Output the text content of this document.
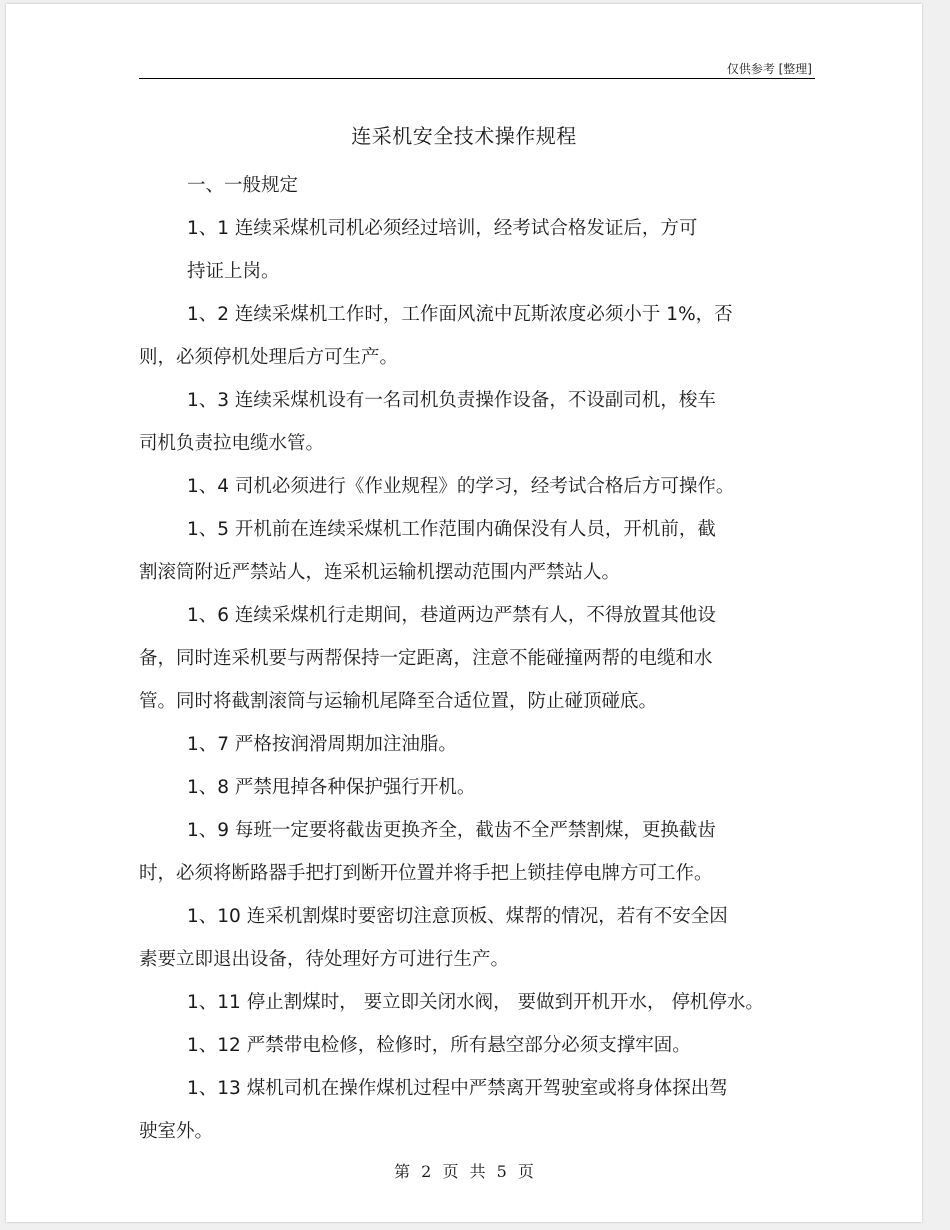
仅供参考 [整理]
连采机安全技术操作规程
一、一般规定
1、1 连续采煤机司机必须经过培训，经考试合格发证后，方可
持证上岗。
1、2 连续采煤机工作时，工作面风流中瓦斯浓度必须小于 1%，否
则，必须停机处理后方可生产。
1、3 连续采煤机设有一名司机负责操作设备，不设副司机，梭车
司机负责拉电缆水管。
1、4 司机必须进行《作业规程》的学习，经考试合格后方可操作。
1、5 开机前在连续采煤机工作范围内确保没有人员，开机前，截
割滚筒附近严禁站人，连采机运输机摆动范围内严禁站人。
1、6 连续采煤机行走期间，巷道两边严禁有人，不得放置其他设
备，同时连采机要与两帮保持一定距离，注意不能碰撞两帮的电缆和水
管。同时将截割滚筒与运输机尾降至合适位置，防止碰顶碰底。
1、7 严格按润滑周期加注油脂。
1、8 严禁甩掉各种保护强行开机。
1、9 每班一定要将截齿更换齐全，截齿不全严禁割煤，更换截齿
时，必须将断路器手把打到断开位置并将手把上锁挂停电牌方可工作。
1、10 连采机割煤时要密切注意顶板、煤帮的情况，若有不安全因
素要立即退出设备，待处理好方可进行生产。
1、11 停止割煤时， 要立即关闭水阀， 要做到开机开水， 停机停水。
1、12 严禁带电检修，检修时，所有悬空部分必须支撑牢固。
1、13 煤机司机在操作煤机过程中严禁离开驾驶室或将身体探出驾
驶室外。
第 2 页 共 5 页
